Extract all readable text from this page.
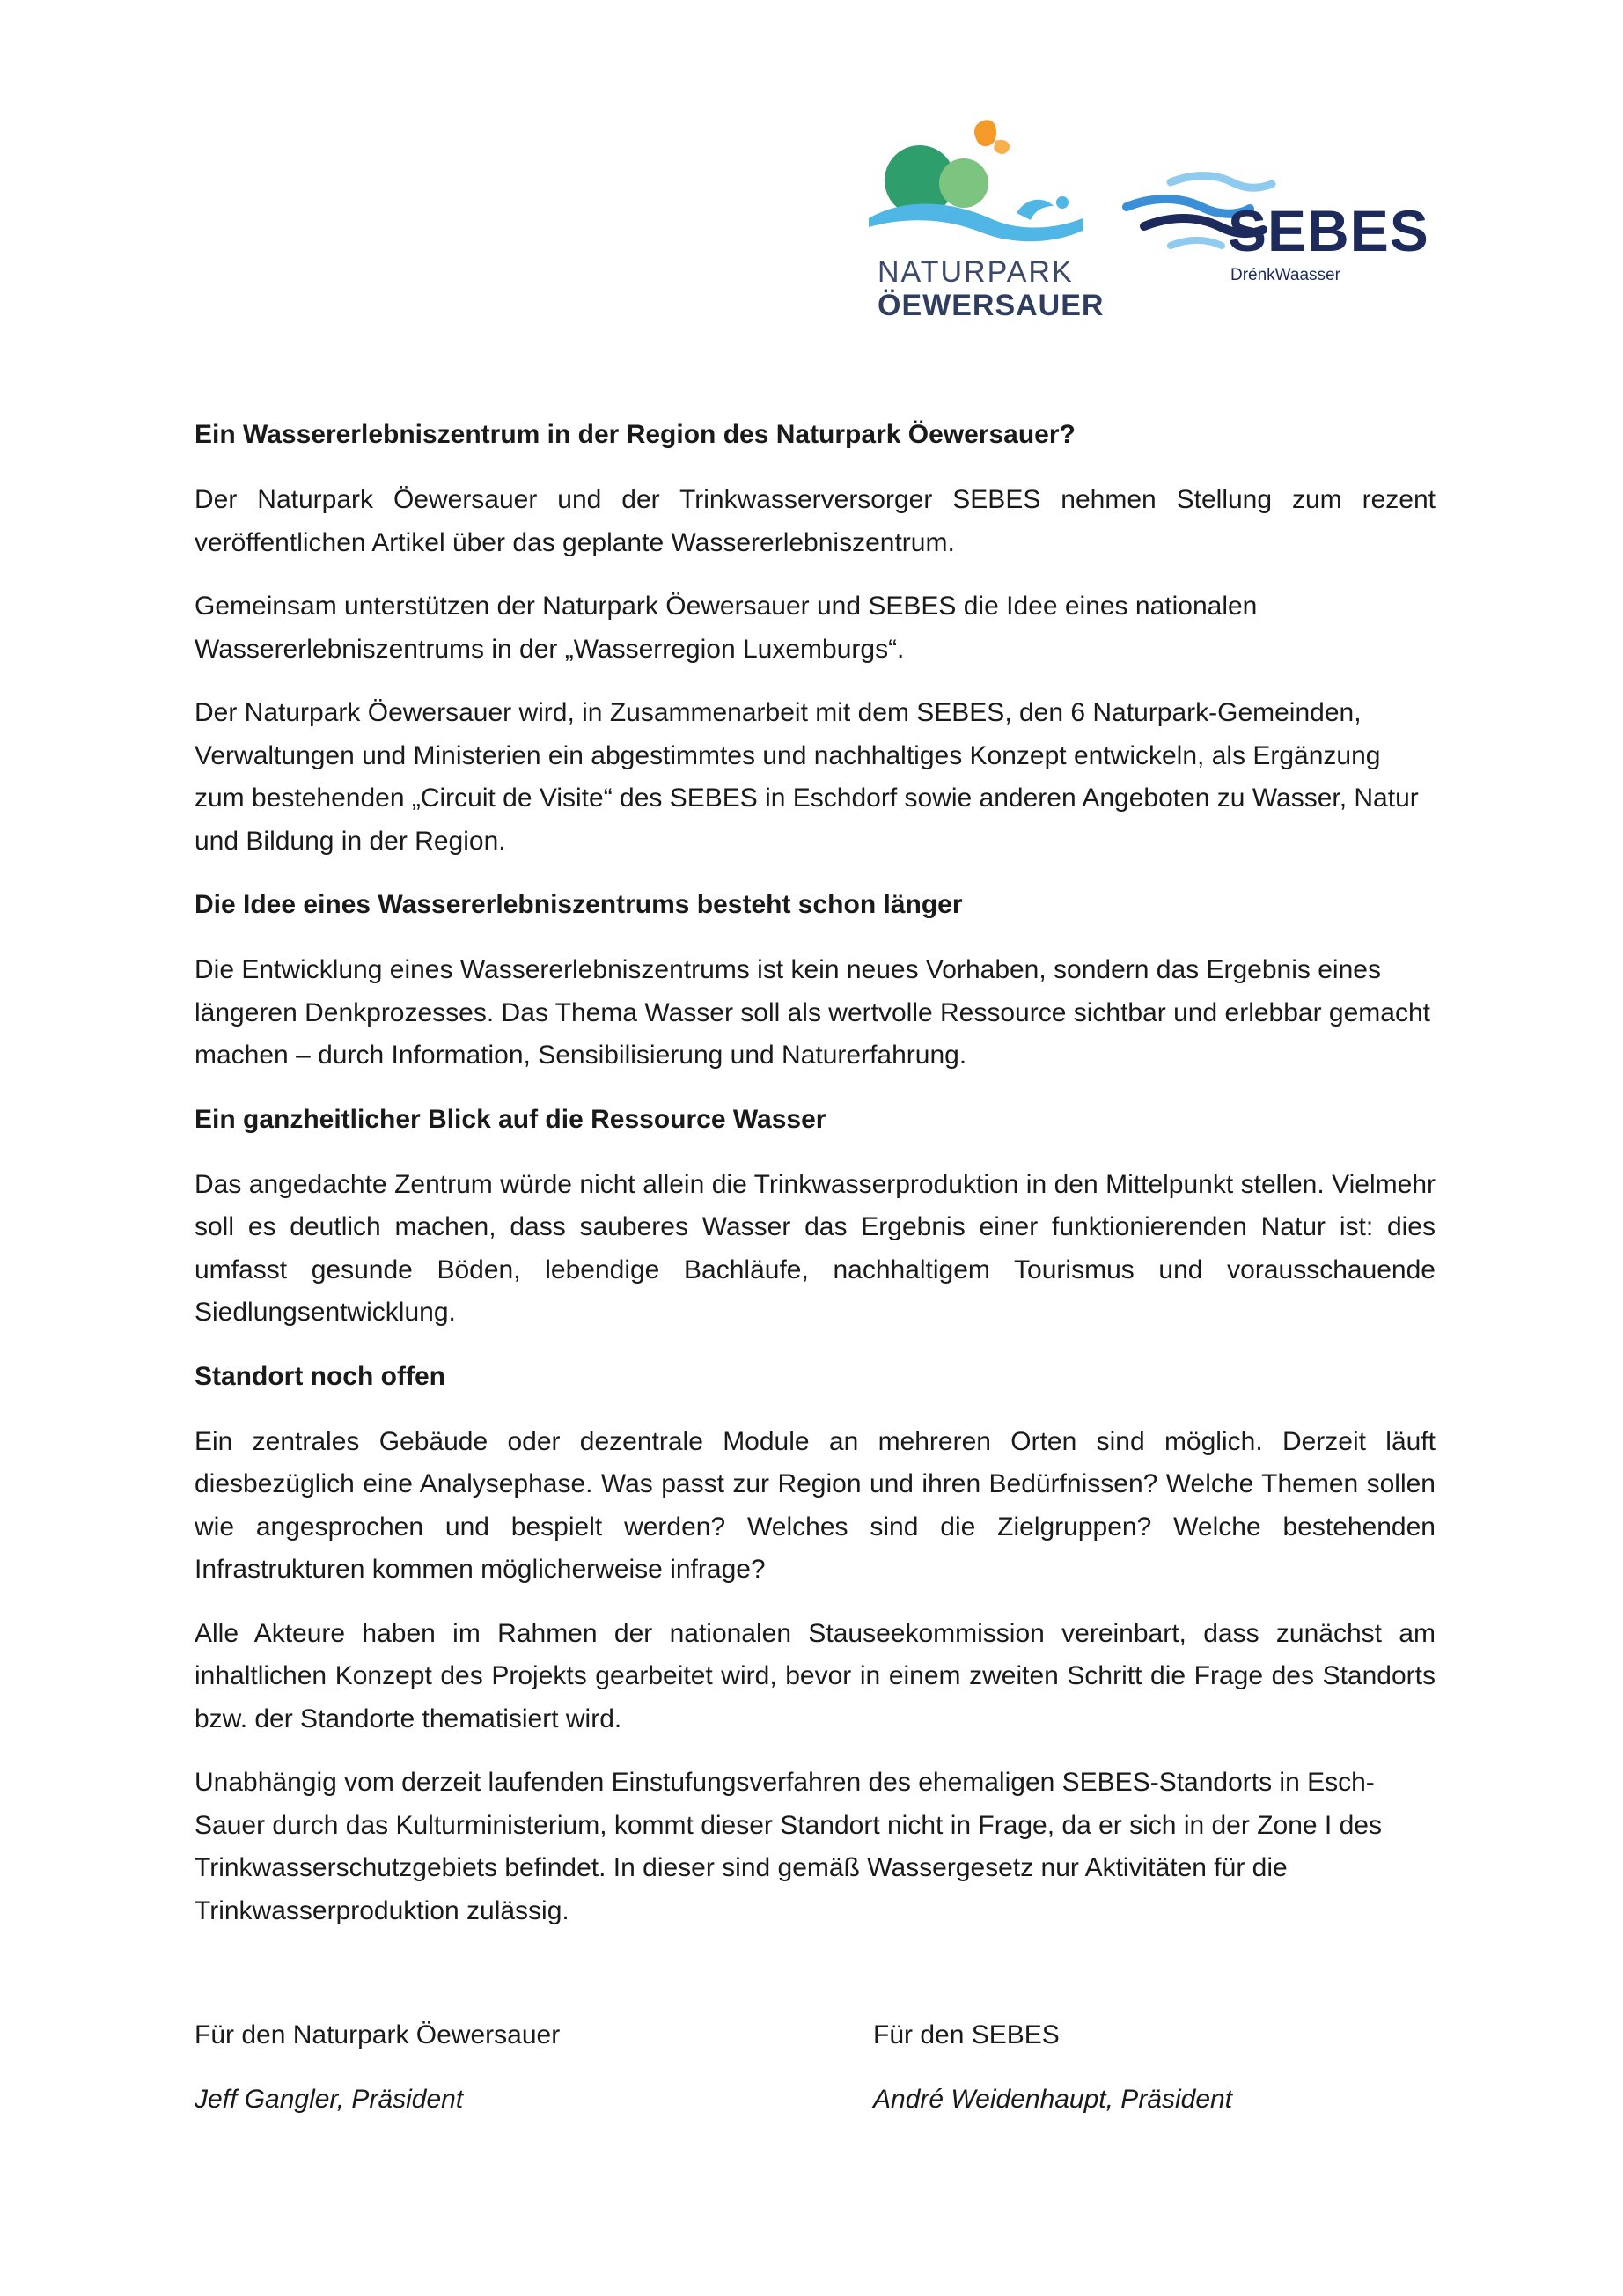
NATURPARK
ÖEWERSAUER
SEBES
DrénkWaasser

Ein Wassererlebniszentrum in der Region des Naturpark Öewersauer?

Der Naturpark Öewersauer und der Trinkwasserversorger SEBES nehmen Stellung zum rezent veröffentlichen Artikel über das geplante Wassererlebniszentrum.

Gemeinsam unterstützen der Naturpark Öewersauer und SEBES die Idee eines nationalen Wassererlebniszentrums in der „Wasserregion Luxemburgs“.

Der Naturpark Öewersauer wird, in Zusammenarbeit mit dem SEBES, den 6 Naturpark-Gemeinden, Verwaltungen und Ministerien ein abgestimmtes und nachhaltiges Konzept entwickeln, als Ergänzung zum bestehenden „Circuit de Visite“ des SEBES in Eschdorf sowie anderen Angeboten zu Wasser, Natur und Bildung in der Region.

Die Idee eines Wassererlebniszentrums besteht schon länger

Die Entwicklung eines Wassererlebniszentrums ist kein neues Vorhaben, sondern das Ergebnis eines längeren Denkprozesses. Das Thema Wasser soll als wertvolle Ressource sichtbar und erlebbar gemacht machen – durch Information, Sensibilisierung und Naturerfahrung.

Ein ganzheitlicher Blick auf die Ressource Wasser

Das angedachte Zentrum würde nicht allein die Trinkwasserproduktion in den Mittelpunkt stellen. Vielmehr soll es deutlich machen, dass sauberes Wasser das Ergebnis einer funktionierenden Natur ist: dies umfasst gesunde Böden, lebendige Bachläufe, nachhaltigem Tourismus und vorausschauende Siedlungsentwicklung.

Standort noch offen

Ein zentrales Gebäude oder dezentrale Module an mehreren Orten sind möglich. Derzeit läuft diesbezüglich eine Analysephase. Was passt zur Region und ihren Bedürfnissen? Welche Themen sollen wie angesprochen und bespielt werden? Welches sind die Zielgruppen? Welche bestehenden Infrastrukturen kommen möglicherweise infrage?

Alle Akteure haben im Rahmen der nationalen Stauseekommission vereinbart, dass zunächst am inhaltlichen Konzept des Projekts gearbeitet wird, bevor in einem zweiten Schritt die Frage des Standorts bzw. der Standorte thematisiert wird.

Unabhängig vom derzeit laufenden Einstufungsverfahren des ehemaligen SEBES-Standorts in Esch-Sauer durch das Kulturministerium, kommt dieser Standort nicht in Frage, da er sich in der Zone I des Trinkwasserschutzgebiets befindet. In dieser sind gemäß Wassergesetz nur Aktivitäten für die Trinkwasserproduktion zulässig.

Für den Naturpark Öewersauer

Jeff Gangler, Präsident

Für den SEBES

André Weidenhaupt, Präsident
